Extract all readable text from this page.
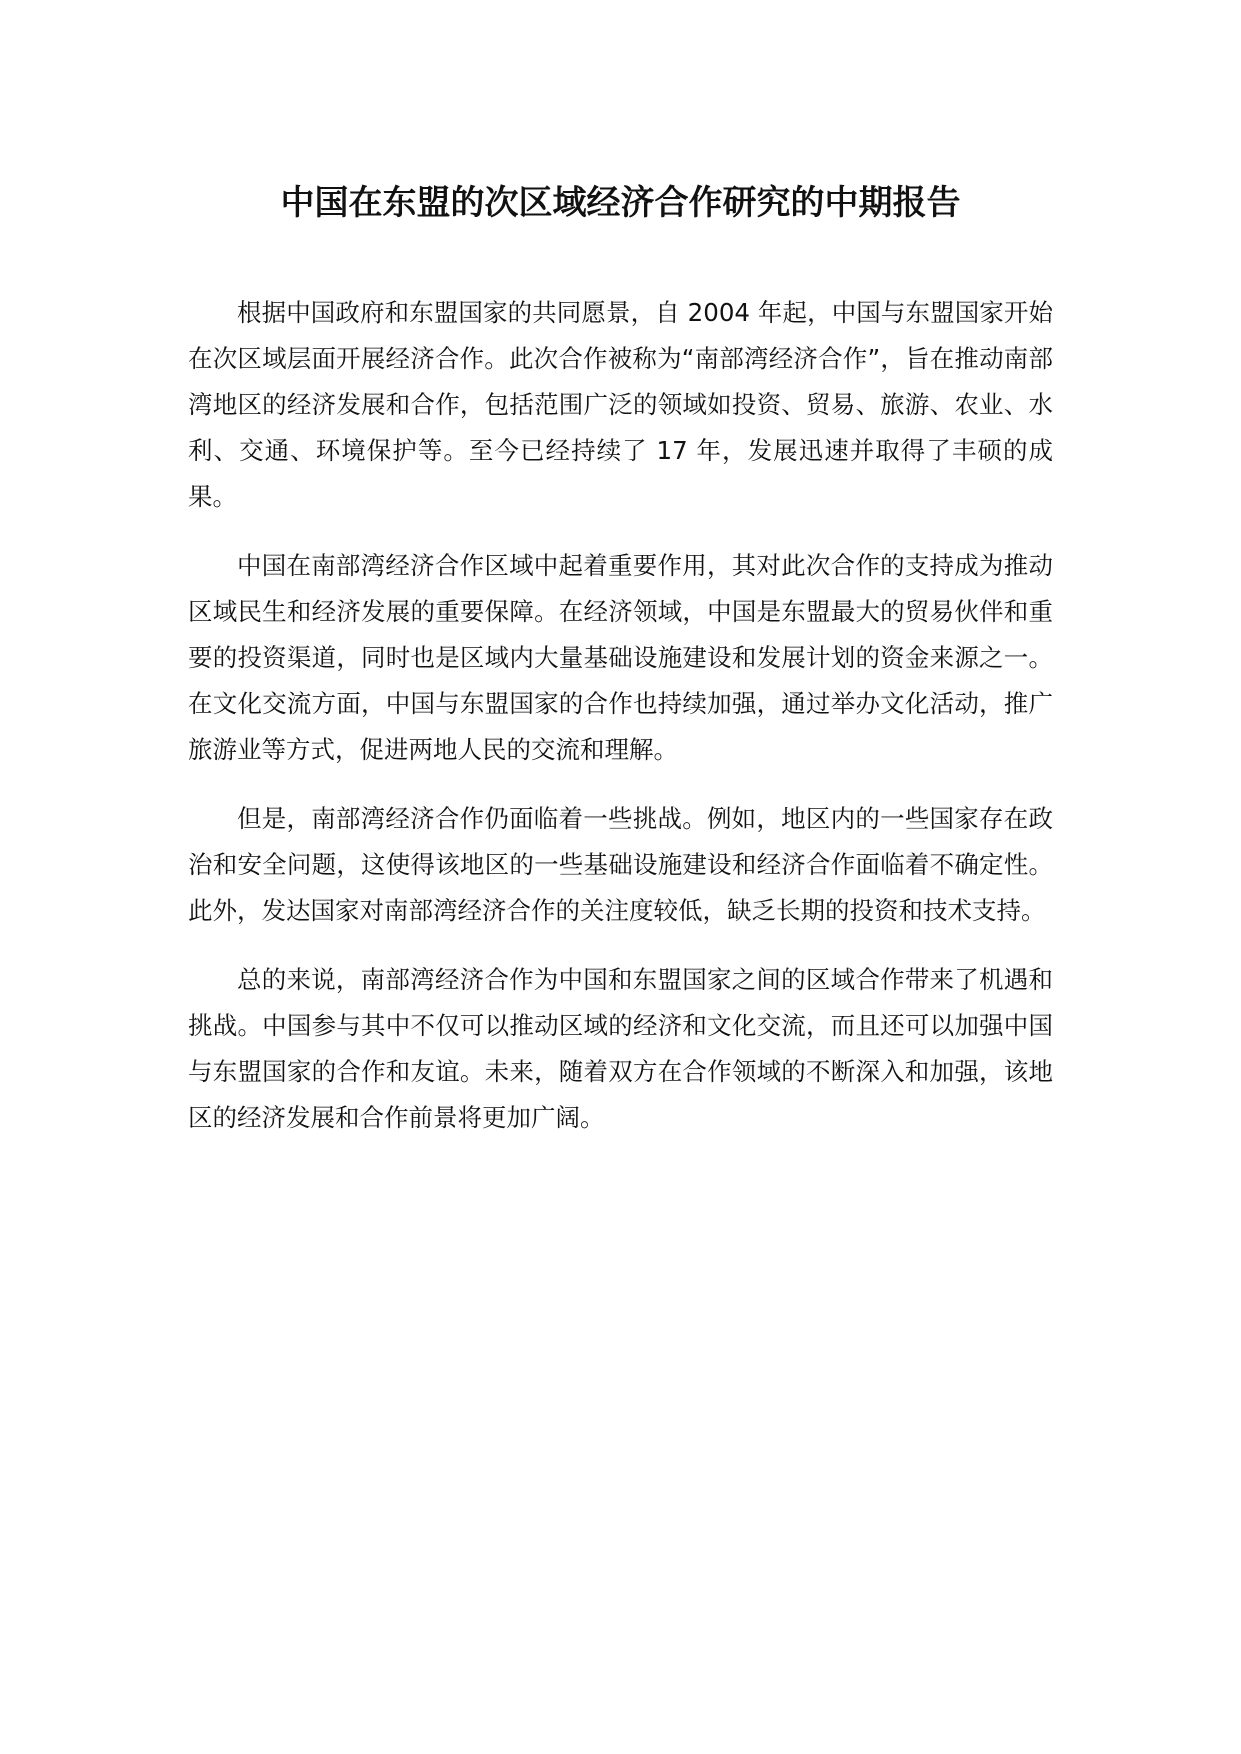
中国在东盟的次区域经济合作研究的中期报告

根据中国政府和东盟国家的共同愿景，自 2004 年起，中国与东盟国家开始在次区域层面开展经济合作。此次合作被称为“南部湾经济合作”，旨在推动南部湾地区的经济发展和合作，包括范围广泛的领域如投资、贸易、旅游、农业、水利、交通、环境保护等。至今已经持续了 17 年，发展迅速并取得了丰硕的成果。

中国在南部湾经济合作区域中起着重要作用，其对此次合作的支持成为推动区域民生和经济发展的重要保障。在经济领域，中国是东盟最大的贸易伙伴和重要的投资渠道，同时也是区域内大量基础设施建设和发展计划的资金来源之一。在文化交流方面，中国与东盟国家的合作也持续加强，通过举办文化活动，推广旅游业等方式，促进两地人民的交流和理解。

但是，南部湾经济合作仍面临着一些挑战。例如，地区内的一些国家存在政治和安全问题，这使得该地区的一些基础设施建设和经济合作面临着不确定性。此外，发达国家对南部湾经济合作的关注度较低，缺乏长期的投资和技术支持。

总的来说，南部湾经济合作为中国和东盟国家之间的区域合作带来了机遇和挑战。中国参与其中不仅可以推动区域的经济和文化交流，而且还可以加强中国与东盟国家的合作和友谊。未来，随着双方在合作领域的不断深入和加强，该地区的经济发展和合作前景将更加广阔。
